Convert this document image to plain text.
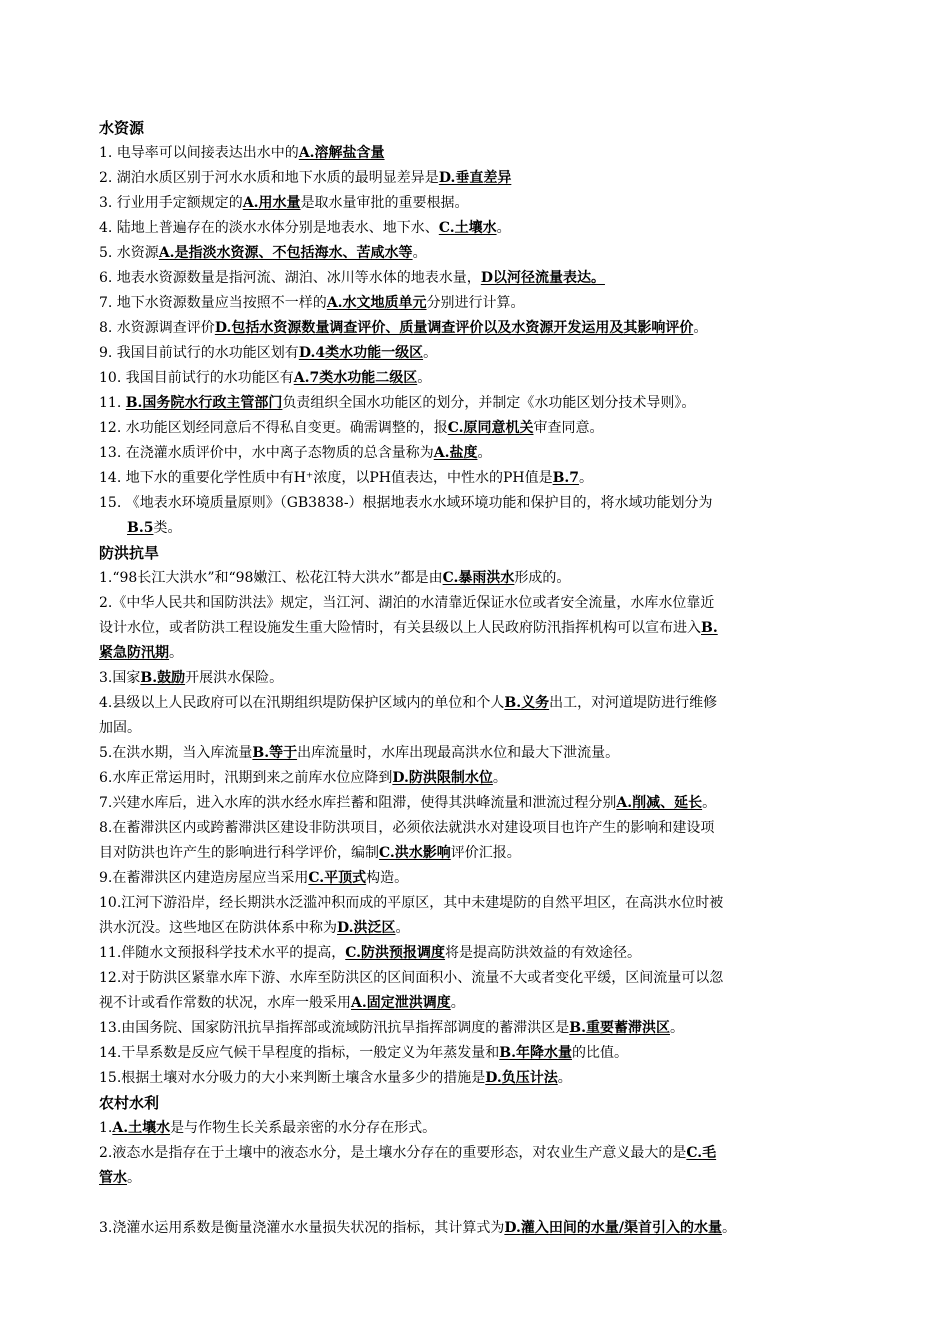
水资源
1. 电导率可以间接表达出水中的A.溶解盐含量
2. 湖泊水质区别于河水水质和地下水质的最明显差异是D.垂直差异
3. 行业用手定额规定的A.用水量是取水量审批的重要根据。
4. 陆地上普遍存在的淡水水体分别是地表水、地下水、C.土壤水。
5. 水资源A.是指淡水资源、不包括海水、苦咸水等。
6. 地表水资源数量是指河流、湖泊、冰川等水体的地表水量，D以河径流量表达。
7. 地下水资源数量应当按照不一样的A.水文地质单元分别进行计算。
8. 水资源调查评价D.包括水资源数量调查评价、质量调查评价以及水资源开发运用及其影响评价。
9. 我国目前试行的水功能区划有D.4类水功能一级区。
10. 我国目前试行的水功能区有A.7类水功能二级区。
11. B.国务院水行政主管部门负责组织全国水功能区的划分，并制定《水功能区划分技术导则》。
12. 水功能区划经同意后不得私自变更。确需调整的，报C.原同意机关审查同意。
13. 在浇灌水质评价中，水中离子态物质的总含量称为A.盐度。
14. 地下水的重要化学性质中有H⁺浓度，以PH值表达，中性水的PH值是B.7。
15. 《地表水环境质量原则》（GB3838-）根据地表水水域环境功能和保护目的，将水域功能划分为
B.5类。
防洪抗旱
1.“98长江大洪水”和“98嫩江、松花江特大洪水”都是由C.暴雨洪水形成的。
2.《中华人民共和国防洪法》规定，当江河、湖泊的水清靠近保证水位或者安全流量，水库水位靠近
设计水位，或者防洪工程设施发生重大险情时，有关县级以上人民政府防汛指挥机构可以宣布进入B.
紧急防汛期。
3.国家B.鼓励开展洪水保险。
4.县级以上人民政府可以在汛期组织堤防保护区域内的单位和个人B.义务出工，对河道堤防进行维修
加固。
5.在洪水期，当入库流量B.等于出库流量时，水库出现最高洪水位和最大下泄流量。
6.水库正常运用时，汛期到来之前库水位应降到D.防洪限制水位。
7.兴建水库后，进入水库的洪水经水库拦蓄和阻滞，使得其洪峰流量和泄流过程分别A.削减、延长。
8.在蓄滞洪区内或跨蓄滞洪区建设非防洪项目，必须依法就洪水对建设项目也许产生的影响和建设项
目对防洪也许产生的影响进行科学评价，编制C.洪水影响评价汇报。
9.在蓄滞洪区内建造房屋应当采用C.平顶式构造。
10.江河下游沿岸，经长期洪水泛滥冲积而成的平原区，其中未建堤防的自然平坦区，在高洪水位时被
洪水沉没。这些地区在防洪体系中称为D.洪泛区。
11.伴随水文预报科学技术水平的提高，C.防洪预报调度将是提高防洪效益的有效途径。
12.对于防洪区紧靠水库下游、水库至防洪区的区间面积小、流量不大或者变化平缓，区间流量可以忽
视不计或看作常数的状况，水库一般采用A.固定泄洪调度。
13.由国务院、国家防汛抗旱指挥部或流域防汛抗旱指挥部调度的蓄滞洪区是B.重要蓄滞洪区。
14.干旱系数是反应气候干旱程度的指标，一般定义为年蒸发量和B.年降水量的比值。
15.根据土壤对水分吸力的大小来判断土壤含水量多少的措施是D.负压计法。
农村水利
1.A.土壤水是与作物生长关系最亲密的水分存在形式。
2.液态水是指存在于土壤中的液态水分，是土壤水分存在的重要形态，对农业生产意义最大的是C.毛
管水。
3.浇灌水运用系数是衡量浇灌水水量损失状况的指标，其计算式为D.灌入田间的水量/渠首引入的水量。
